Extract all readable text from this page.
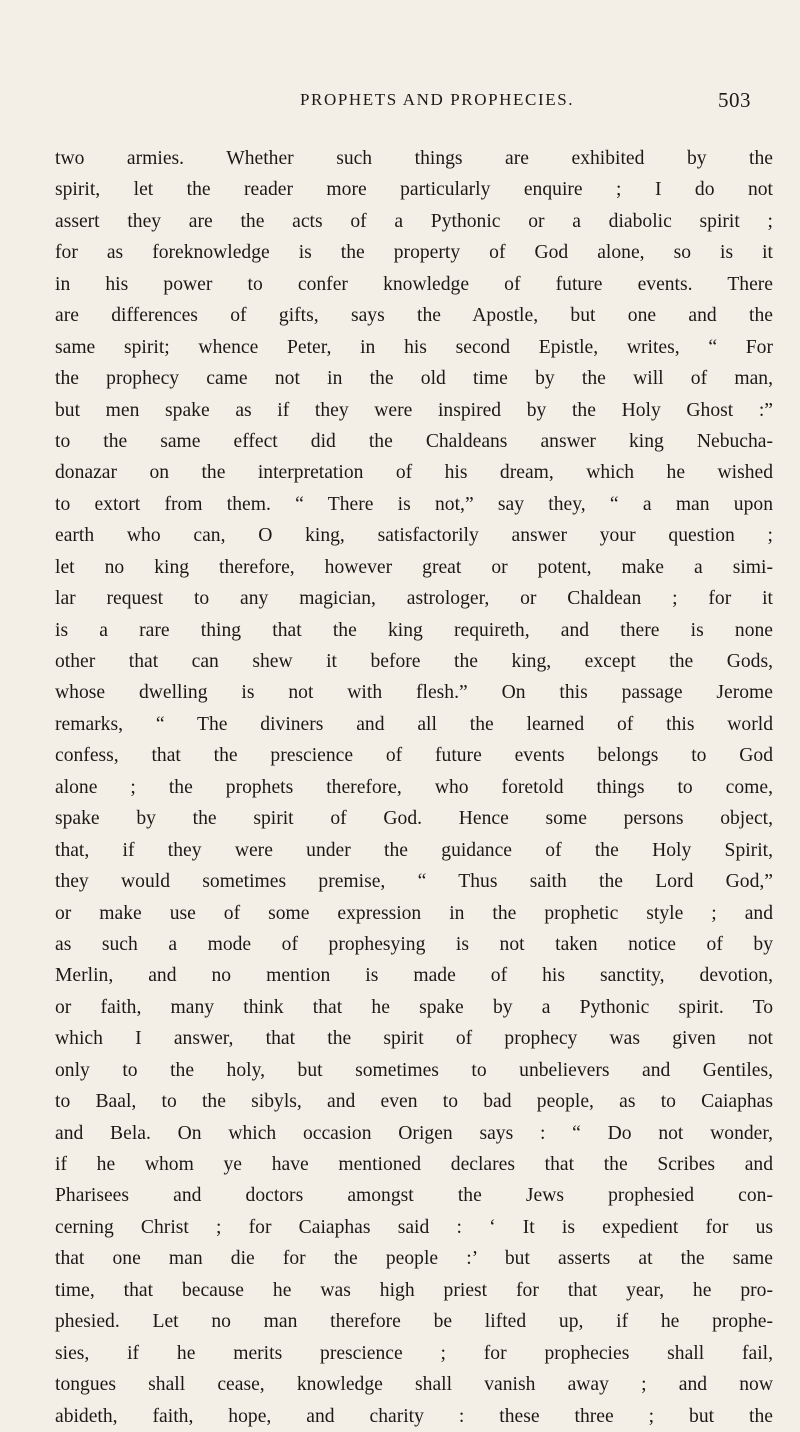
PROPHETS AND PROPHECIES.	503
two armies. Whether such things are exhibited by the
spirit, let the reader more particularly enquire ; I do not
assert they are the acts of a Pythonic or a diabolic spirit ;
for as foreknowledge is the property of God alone, so is it
in his power to confer knowledge of future events. There
are differences of gifts, says the Apostle, but one and the
same spirit; whence Peter, in his second Epistle, writes, “ For
the prophecy came not in the old time by the will of man,
but men spake as if they were inspired by the Holy Ghost :”
to the same effect did the Chaldeans answer king Nebucha-
donazar on the interpretation of his dream, which he wished
to extort from them. “ There is not,” say they, “ a man upon
earth who can, O king, satisfactorily answer your question ;
let no king therefore, however great or potent, make a simi-
lar request to any magician, astrologer, or Chaldean ; for it
is a rare thing that the king requireth, and there is none
other that can shew it before the king, except the Gods,
whose dwelling is not with flesh.” On this passage Jerome
remarks, “ The diviners and all the learned of this world
confess, that the prescience of future events belongs to God
alone ; the prophets therefore, who foretold things to come,
spake by the spirit of God. Hence some persons object,
that, if they were under the guidance of the Holy Spirit,
they would sometimes premise, “ Thus saith the Lord God,”
or make use of some expression in the prophetic style ; and
as such a mode of prophesying is not taken notice of by
Merlin, and no mention is made of his sanctity, devotion,
or faith, many think that he spake by a Pythonic spirit. To
which I answer, that the spirit of prophecy was given not
only to the holy, but sometimes to unbelievers and Gentiles,
to Baal, to the sibyls, and even to bad people, as to Caiaphas
and Bela. On which occasion Origen says : “ Do not wonder,
if he whom ye have mentioned declares that the Scribes and
Pharisees and doctors amongst the Jews prophesied con-
cerning Christ ; for Caiaphas said : ‘ It is expedient for us
that one man die for the people :’ but asserts at the same
time, that because he was high priest for that year, he pro-
phesied. Let no man therefore be lifted up, if he prophe-
sies, if he merits prescience ; for prophecies shall fail,
tongues shall cease, knowledge shall vanish away ; and now
abideth, faith, hope, and charity : these three ; but the
